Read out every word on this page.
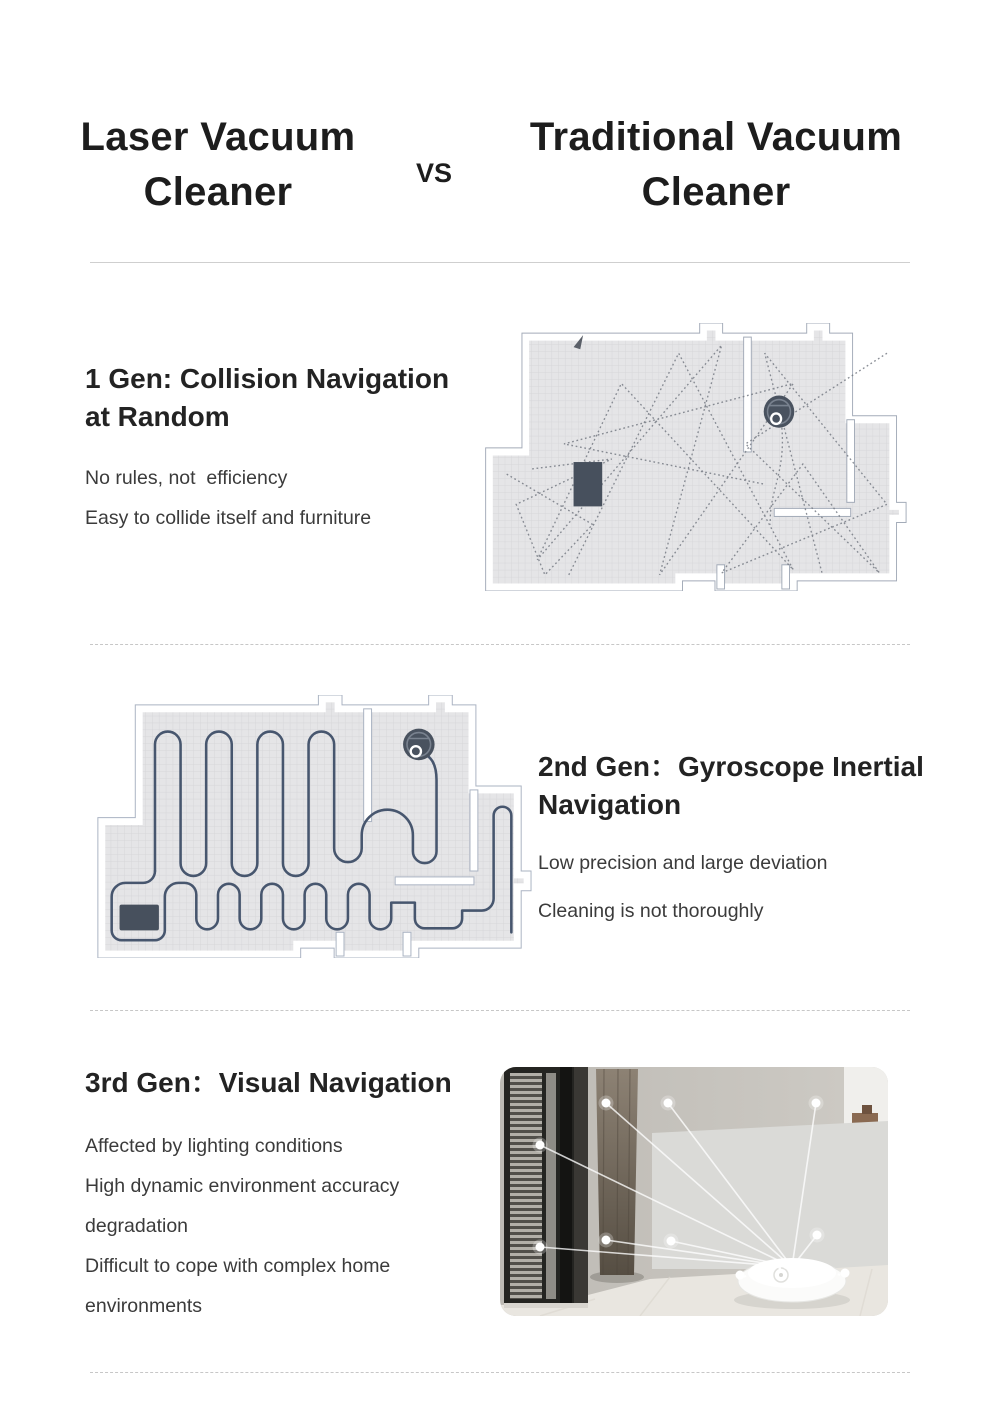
Laser Vacuum Cleaner	VS
Traditional Vacuum Cleaner
1 Gen: Collision Navigation at Random

No rules, not  efficiency

Easy to collide itself and furniture

2nd Gen：Gyroscope Inertial Navigation

Low precision and large deviation

Cleaning is not thoroughly

3rd Gen：Visual Navigation

Affected by lighting conditions

High dynamic environment accuracy degradation

Difficult to cope with complex home environments
